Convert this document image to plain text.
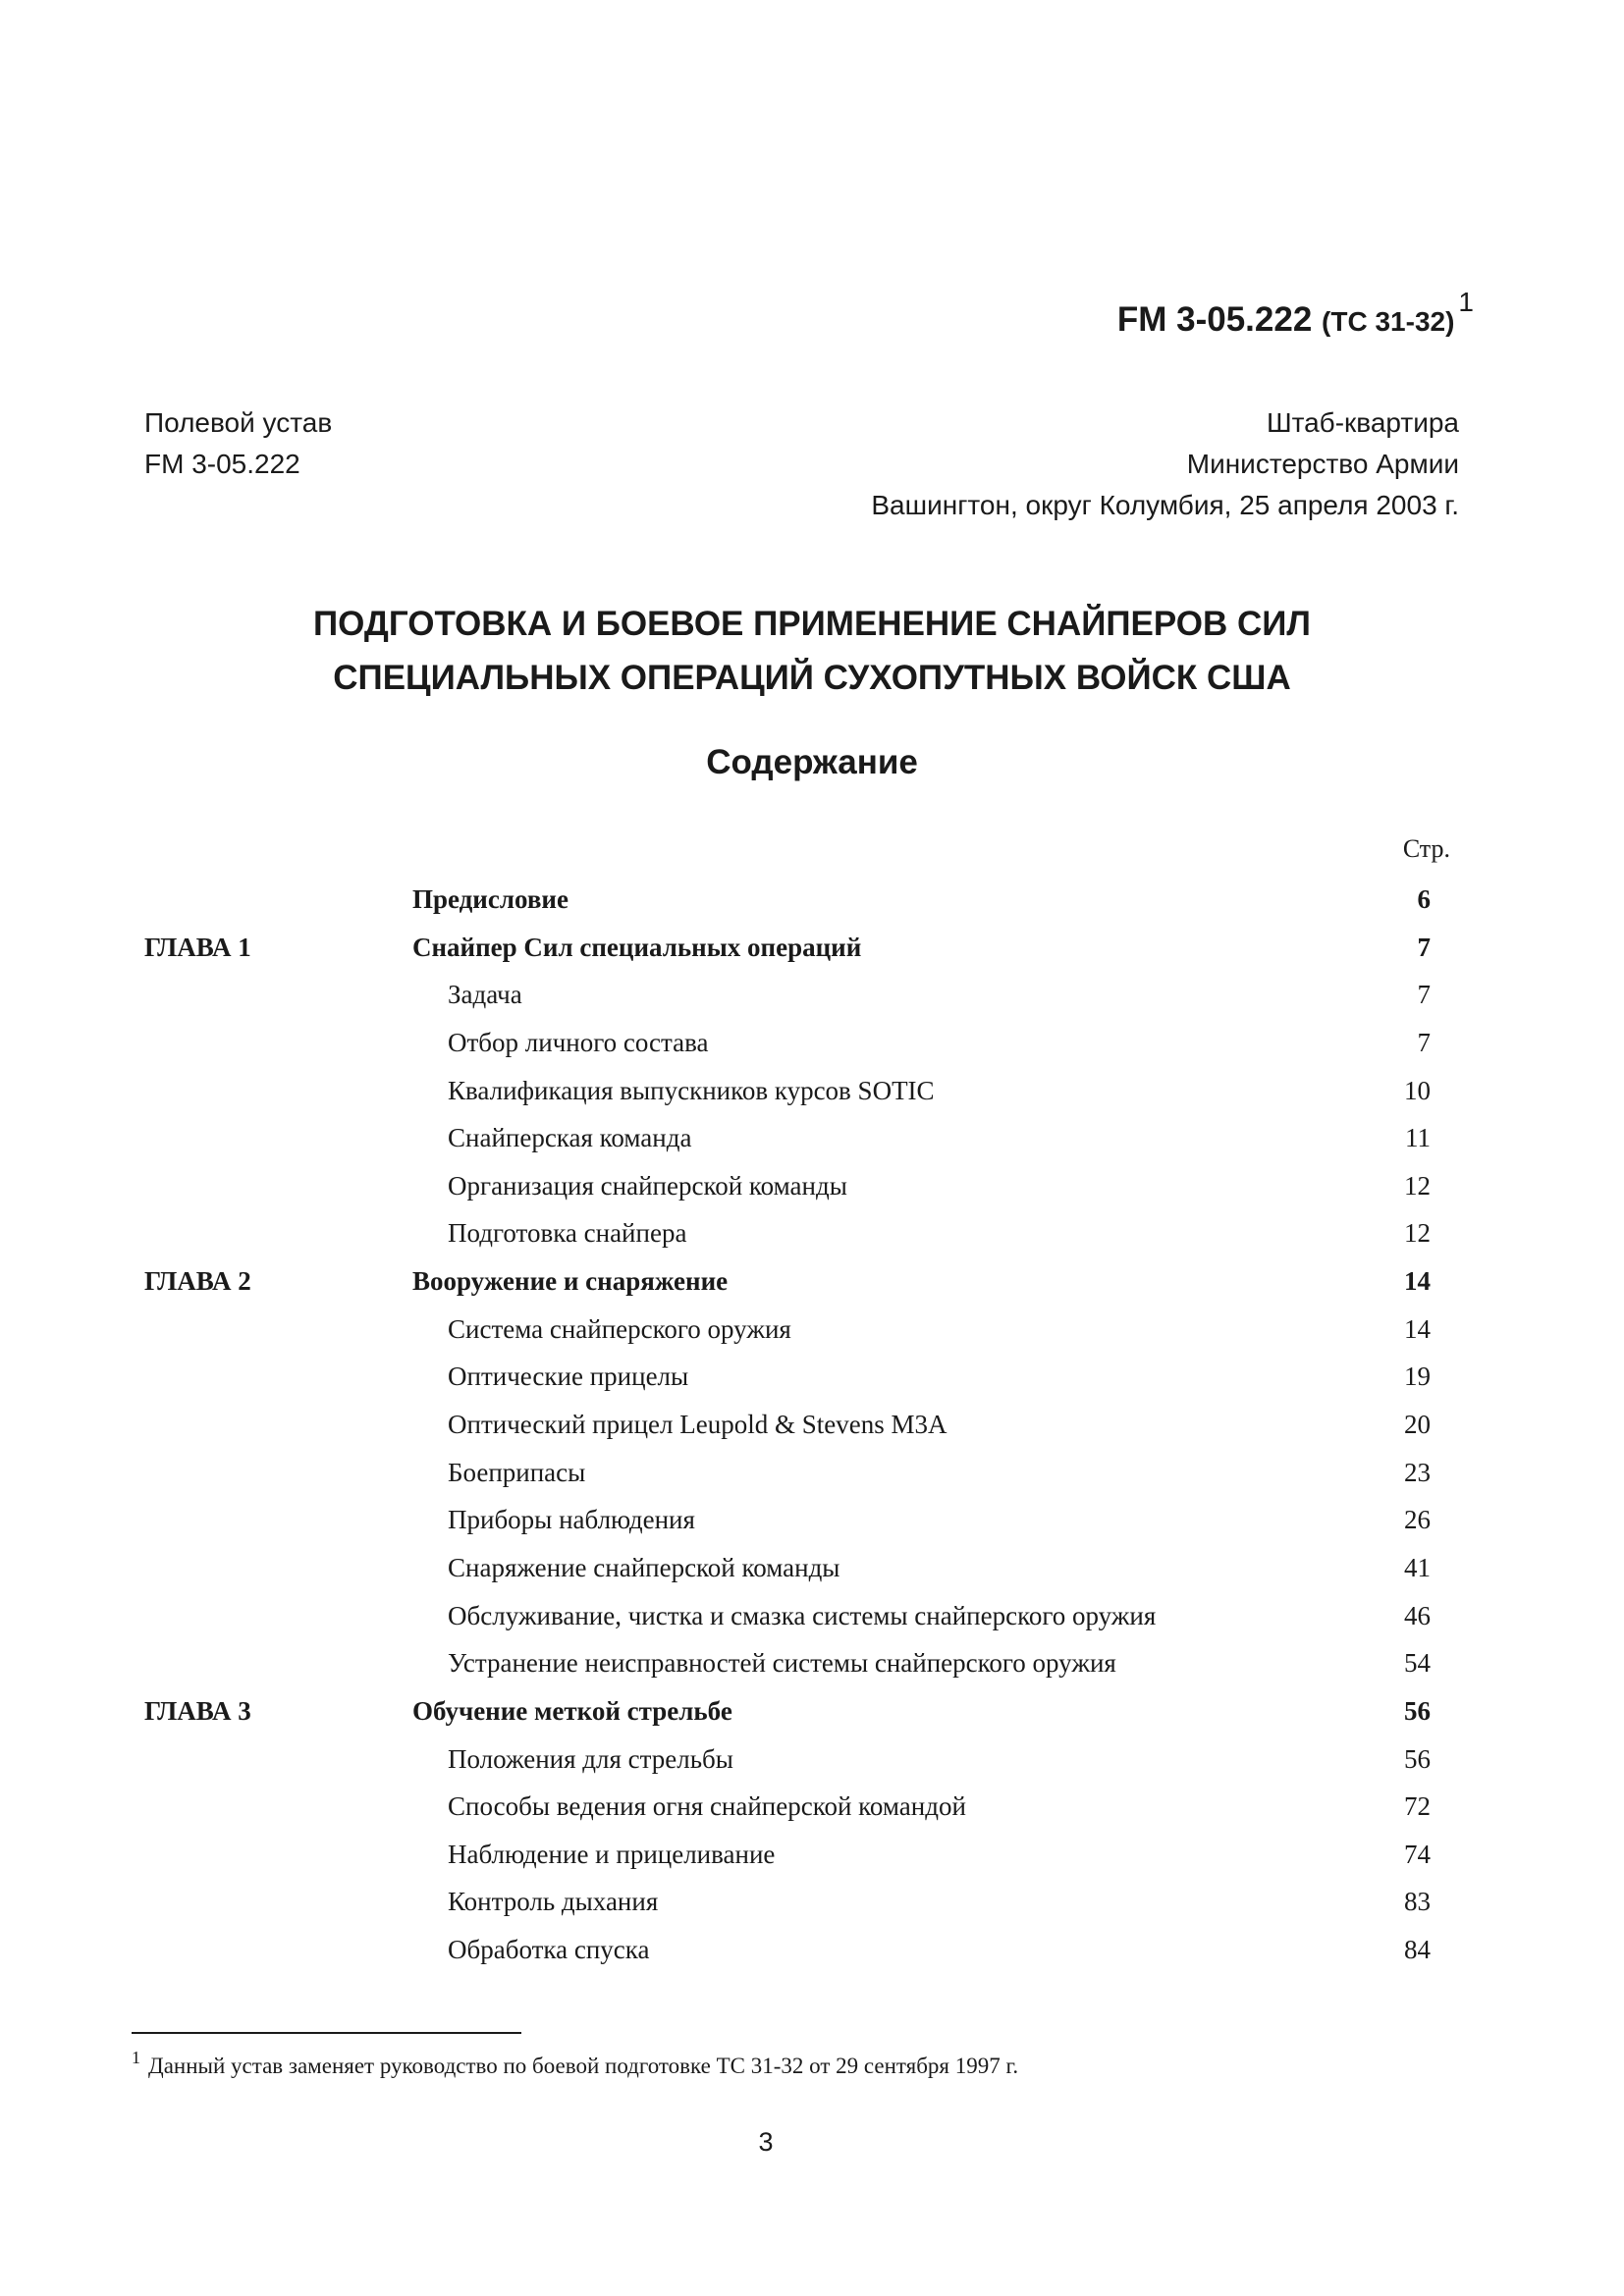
FM 3-05.222 (TC 31-32)$^1$
Полевой устав
FM 3-05.222
Штаб-квартира
Министерство Армии
Вашингтон, округ Колумбия, 25 апреля 2003 г.
ПОДГОТОВКА И БОЕВОЕ ПРИМЕНЕНИЕ СНАЙПЕРОВ СИЛ
СПЕЦИАЛЬНЫХ ОПЕРАЦИЙ СУХОПУТНЫХ ВОЙСК США
Содержание
Стр.
Предисловие	6
ГЛАВА 1	Снайпер Сил специальных операций	7
Задача	7
Отбор личного состава	7
Квалификация выпускников курсов SOTIC	10
Снайперская команда	11
Организация снайперской команды	12
Подготовка снайпера	12
ГЛАВА 2	Вооружение и снаряжение	14
Система снайперского оружия	14
Оптические прицелы	19
Оптический прицел Leupold & Stevens M3A	20
Боеприпасы	23
Приборы наблюдения	26
Снаряжение снайперской команды	41
Обслуживание, чистка и смазка системы снайперского оружия	46
Устранение неисправностей системы снайперского оружия	54
ГЛАВА 3	Обучение меткой стрельбе	56
Положения для стрельбы	56
Способы ведения огня снайперской командой	72
Наблюдение и прицеливание	74
Контроль дыхания	83
Обработка спуска	84
$^1$ Данный устав заменяет руководство по боевой подготовке ТС 31-32 от 29 сентября 1997 г.
3
